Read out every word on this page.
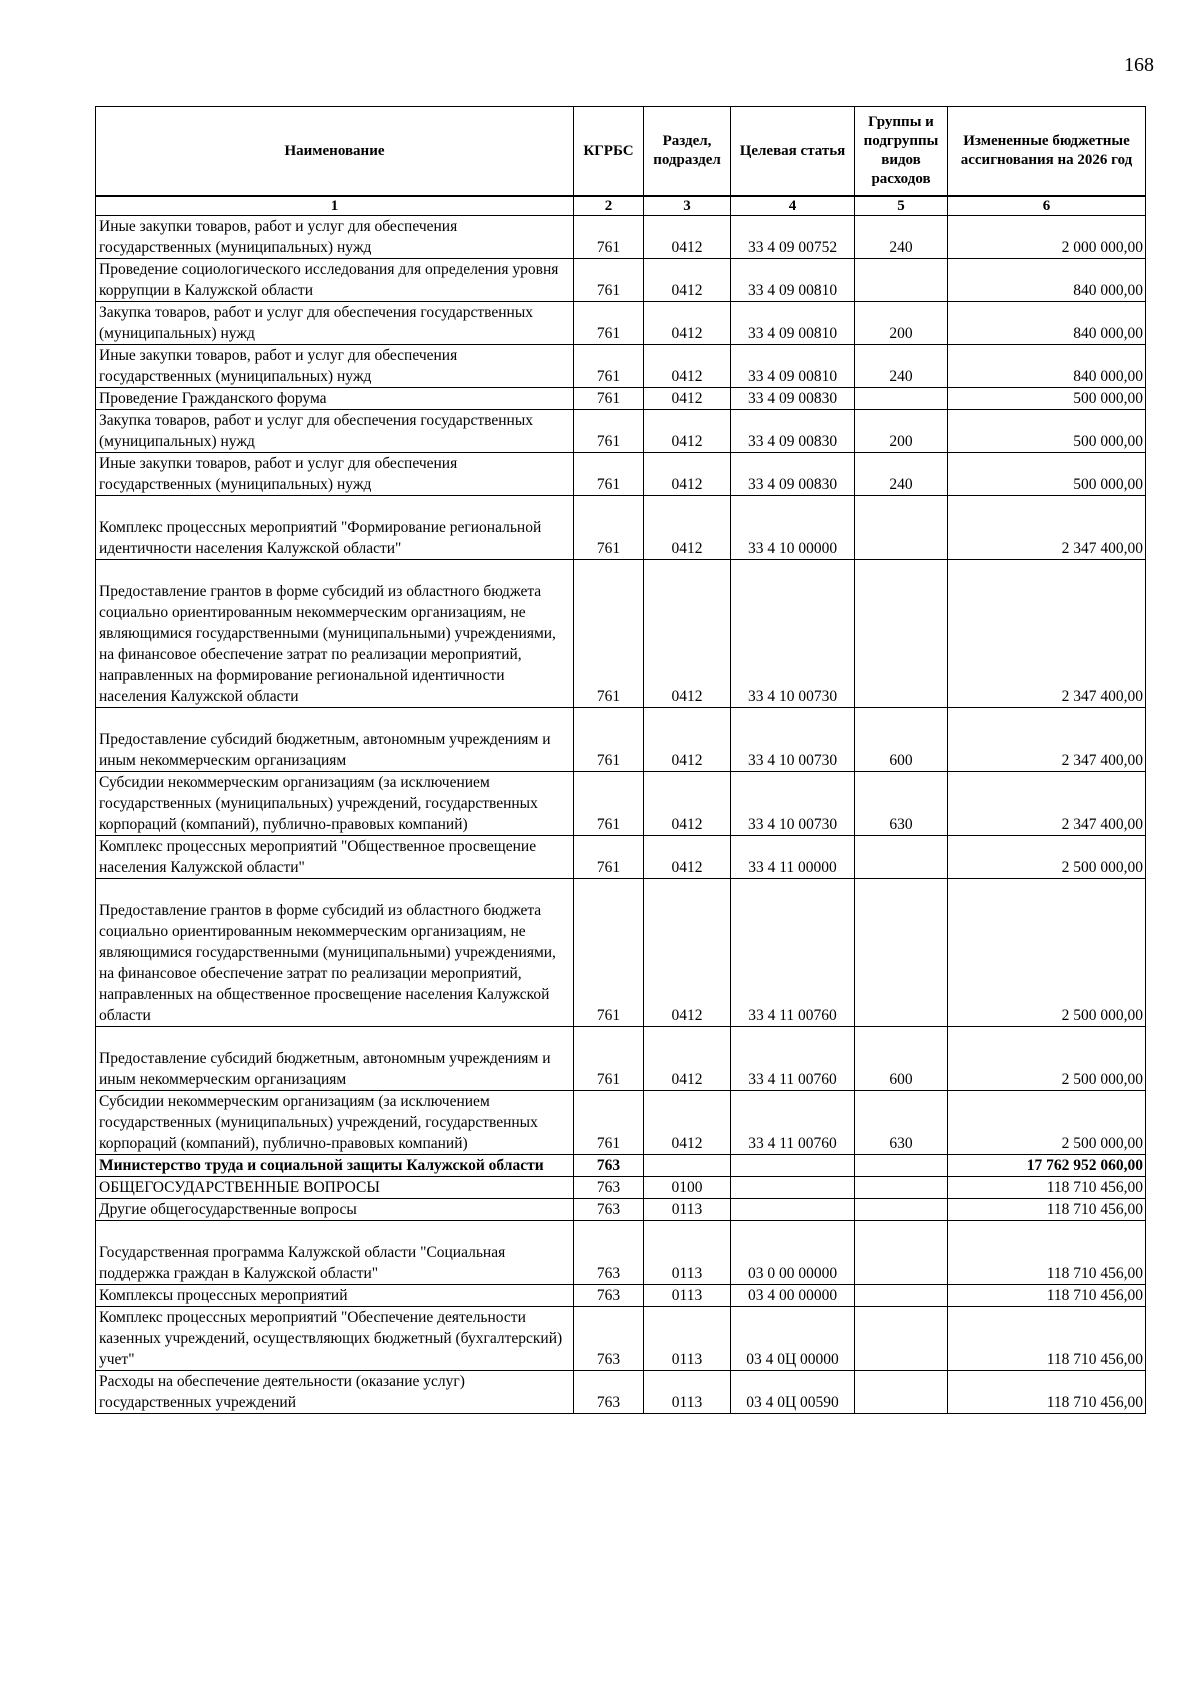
168
Наименование	КГРБС	Раздел, подраздел	Целевая статья	Группы и подгруппы видов расходов	Измененные бюджетные ассигнования на 2026 год
1	2	3	4	5	6
Иные закупки товаров, работ и услуг для обеспечения государственных (муниципальных) нужд	761	0412	33 4 09 00752	240	2 000 000,00
Проведение социологического исследования для определения уровня коррупции в Калужской области	761	0412	33 4 09 00810		840 000,00
Закупка товаров, работ и услуг для обеспечения государственных (муниципальных) нужд	761	0412	33 4 09 00810	200	840 000,00
Иные закупки товаров, работ и услуг для обеспечения государственных (муниципальных) нужд	761	0412	33 4 09 00810	240	840 000,00
Проведение Гражданского форума	761	0412	33 4 09 00830		500 000,00
Закупка товаров, работ и услуг для обеспечения государственных (муниципальных) нужд	761	0412	33 4 09 00830	200	500 000,00
Иные закупки товаров, работ и услуг для обеспечения государственных (муниципальных) нужд	761	0412	33 4 09 00830	240	500 000,00
Комплекс процессных мероприятий "Формирование региональной идентичности населения Калужской области"	761	0412	33 4 10 00000		2 347 400,00
Предоставление грантов в форме субсидий из областного бюджета социально ориентированным некоммерческим организациям, не являющимися государственными (муниципальными) учреждениями, на финансовое обеспечение затрат по реализации мероприятий, направленных на формирование региональной идентичности населения Калужской области	761	0412	33 4 10 00730		2 347 400,00
Предоставление субсидий бюджетным, автономным учреждениям и иным некоммерческим организациям	761	0412	33 4 10 00730	600	2 347 400,00
Субсидии некоммерческим организациям (за исключением государственных (муниципальных) учреждений, государственных корпораций (компаний), публично-правовых компаний)	761	0412	33 4 10 00730	630	2 347 400,00
Комплекс процессных мероприятий "Общественное просвещение населения Калужской области"	761	0412	33 4 11 00000		2 500 000,00
Предоставление грантов в форме субсидий из областного бюджета социально ориентированным некоммерческим организациям, не являющимися государственными (муниципальными) учреждениями, на финансовое обеспечение затрат по реализации мероприятий, направленных на общественное просвещение населения Калужской области	761	0412	33 4 11 00760		2 500 000,00
Предоставление субсидий бюджетным, автономным учреждениям и иным некоммерческим организациям	761	0412	33 4 11 00760	600	2 500 000,00
Субсидии некоммерческим организациям (за исключением государственных (муниципальных) учреждений, государственных корпораций (компаний), публично-правовых компаний)	761	0412	33 4 11 00760	630	2 500 000,00
Министерство труда и социальной защиты Калужской области	763				17 762 952 060,00
ОБЩЕГОСУДАРСТВЕННЫЕ ВОПРОСЫ	763	0100			118 710 456,00
Другие общегосударственные вопросы	763	0113			118 710 456,00
Государственная программа Калужской области "Социальная поддержка граждан в Калужской области"	763	0113	03 0 00 00000		118 710 456,00
Комплексы процессных мероприятий	763	0113	03 4 00 00000		118 710 456,00
Комплекс процессных мероприятий "Обеспечение деятельности казенных учреждений, осуществляющих бюджетный (бухгалтерский) учет"	763	0113	03 4 0Ц 00000		118 710 456,00
Расходы на обеспечение деятельности (оказание услуг) государственных учреждений	763	0113	03 4 0Ц 00590		118 710 456,00
